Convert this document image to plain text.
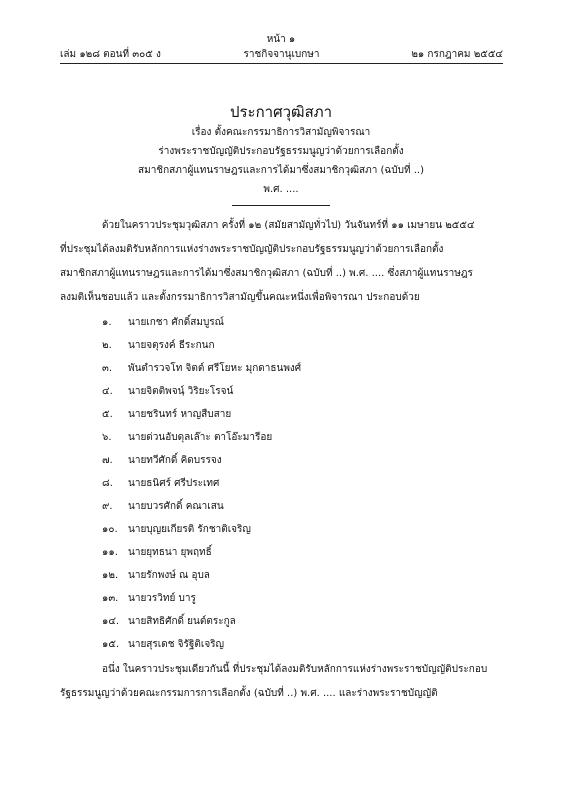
หน้า ๑
เล่ม ๑๒๘ ตอนที่ ๓๐๕ ง	ราชกิจจานุเบกษา	๒๑ กรกฎาคม ๒๕๕๔
ประกาศวุฒิสภา
เรื่อง ตั้งคณะกรรมาธิการวิสามัญพิจารณา
ร่างพระราชบัญญัติประกอบรัฐธรรมนูญว่าด้วยการเลือกตั้ง
สมาชิกสภาผู้แทนราษฎรและการได้มาซึ่งสมาชิกวุฒิสภา (ฉบับที่ ..)
พ.ศ. ....
ด้วยในคราวประชุมวุฒิสภา ครั้งที่ ๑๒ (สมัยสามัญทั่วไป) วันจันทร์ที่ ๑๑ เมษายน ๒๕๕๔
ที่ประชุมได้ลงมติรับหลักการแห่งร่างพระราชบัญญัติประกอบรัฐธรรมนูญว่าด้วยการเลือกตั้ง
สมาชิกสภาผู้แทนราษฎรและการได้มาซึ่งสมาชิกวุฒิสภา (ฉบับที่ ..) พ.ศ. .... ซึ่งสภาผู้แทนราษฎร
ลงมติเห็นชอบแล้ว และตั้งกรรมาธิการวิสามัญขึ้นคณะหนึ่งเพื่อพิจารณา ประกอบด้วย
๑. นายเกชา ศักดิ์สมบูรณ์
๒. นายจตุรงค์ ธีระกนก
๓. พันตำรวจโท จิตต์ ศรีโยหะ มุกดาธนพงศ์
๔. นายจิตติพจนฺ์ วิริยะโรจน์
๕. นายชรินทร์ หาญสืบสาย
๖. นายด่วนอับดุลเล๊าะ ตาโอ๊ะมารีอย
๗. นายทวีศักดิ์ คิดบรรจง
๘. นายธนิศร์ ศรีประเทศ
๙. นายบวรศักดิ์ คณาเสน
๑๐. นายบุญยเกียรติ รักชาติเจริญ
๑๑. นายยุทธนา ยุพฤทธิ์
๑๒. นายรักพงษ์ ณ อุบล
๑๓. นายวรวิทย์ บารู
๑๔. นายสิทธิศักดิ์ ยนต์ตระกูล
๑๕. นายสุรเดช จิรัฐิติเจริญ
อนึ่ง ในคราวประชุมเดียวกันนี้ ที่ประชุมได้ลงมติรับหลักการแห่งร่างพระราชบัญญัติประกอบ
รัฐธรรมนูญว่าด้วยคณะกรรมการการเลือกตั้ง (ฉบับที่ ..) พ.ศ. .... และร่างพระราชบัญญัติ
